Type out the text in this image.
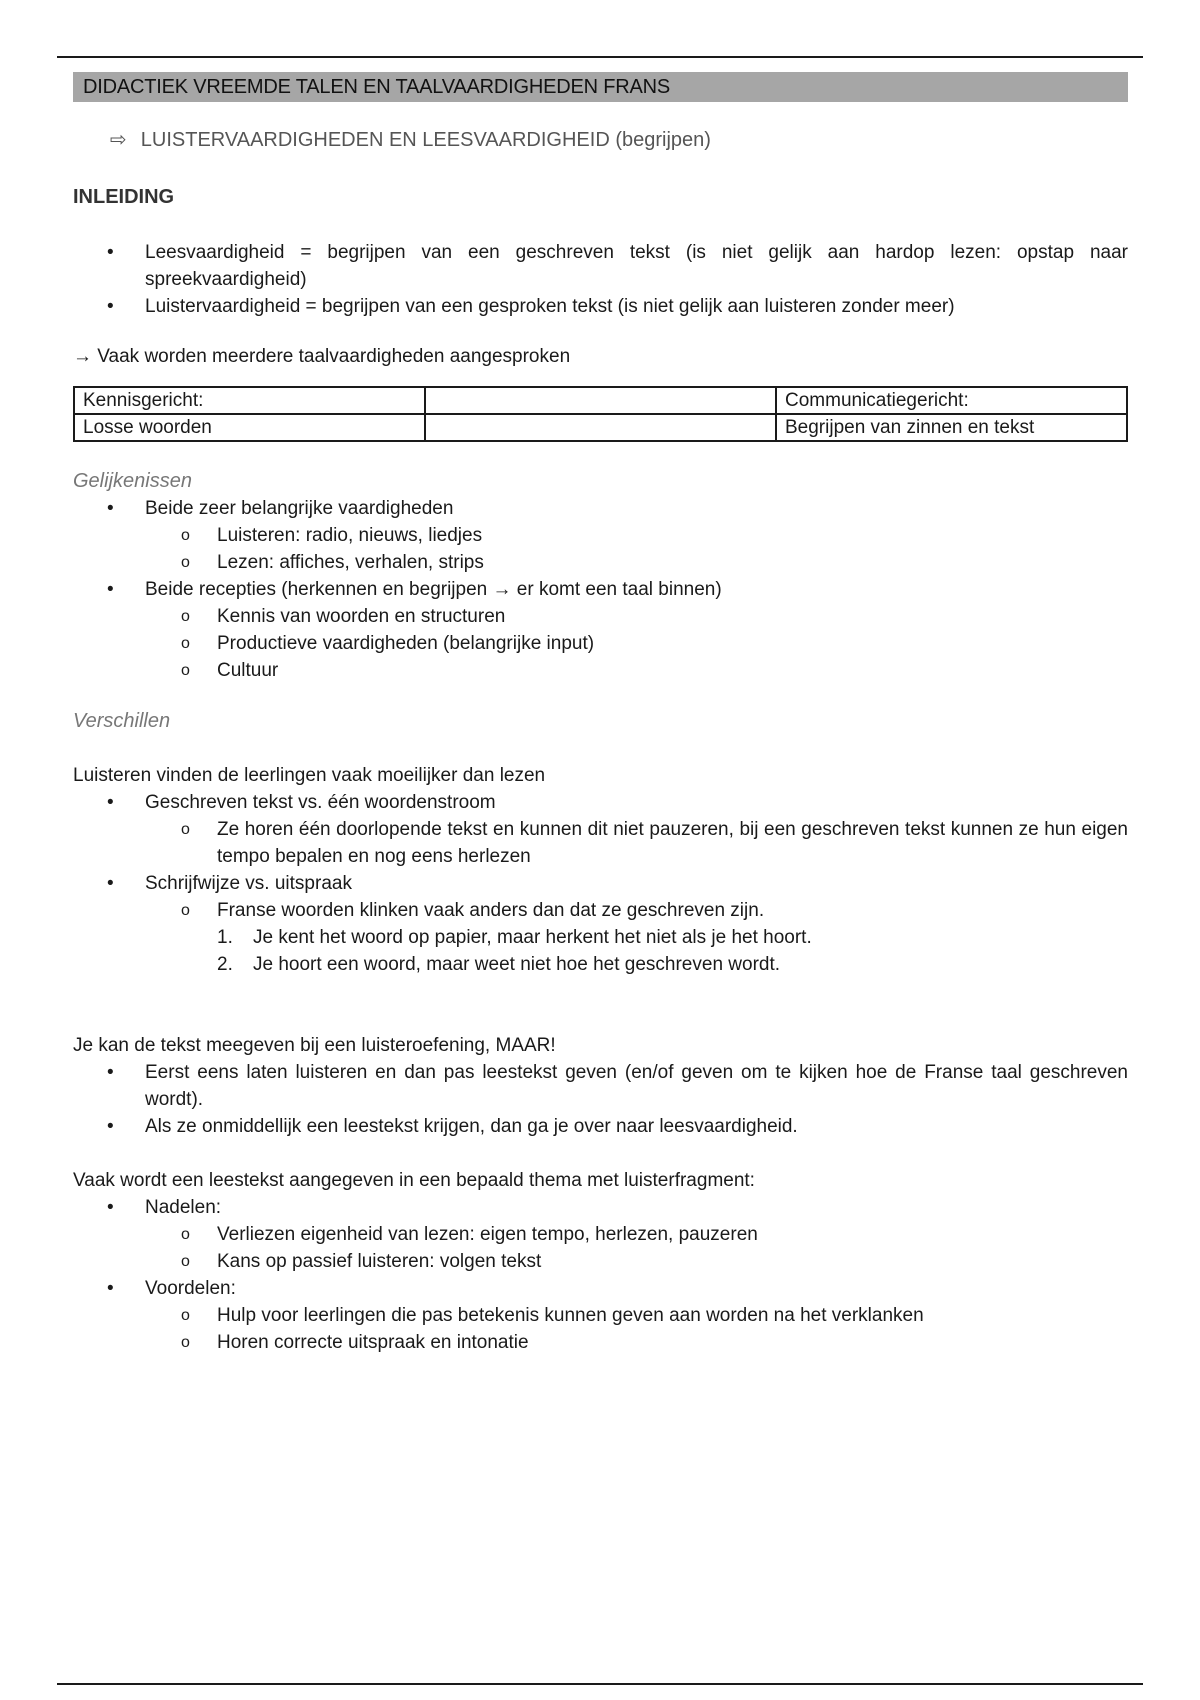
DIDACTIEK VREEMDE TALEN EN TAALVAARDIGHEDEN FRANS
⇨ LUISTERVAARDIGHEDEN EN LEESVAARDIGHEID (begrijpen)
INLEIDING
• Leesvaardigheid = begrijpen van een geschreven tekst (is niet gelijk aan hardop lezen: opstap naar spreekvaardigheid)
• Luistervaardigheid = begrijpen van een gesproken tekst (is niet gelijk aan luisteren zonder meer)
→ Vaak worden meerdere taalvaardigheden aangesproken
Kennisgericht:		Communicatiegericht:
Losse woorden		Begrijpen van zinnen en tekst
Gelijkenissen
• Beide zeer belangrijke vaardigheden
o Luisteren: radio, nieuws, liedjes
o Lezen: affiches, verhalen, strips
• Beide recepties (herkennen en begrijpen → er komt een taal binnen)
o Kennis van woorden en structuren
o Productieve vaardigheden (belangrijke input)
o Cultuur
Verschillen
Luisteren vinden de leerlingen vaak moeilijker dan lezen
• Geschreven tekst vs. één woordenstroom
o Ze horen één doorlopende tekst en kunnen dit niet pauzeren, bij een geschreven tekst kunnen ze hun eigen tempo bepalen en nog eens herlezen
• Schrijfwijze vs. uitspraak
o Franse woorden klinken vaak anders dan dat ze geschreven zijn.
1. Je kent het woord op papier, maar herkent het niet als je het hoort.
2. Je hoort een woord, maar weet niet hoe het geschreven wordt.
Je kan de tekst meegeven bij een luisteroefening, MAAR!
• Eerst eens laten luisteren en dan pas leestekst geven (en/of geven om te kijken hoe de Franse taal geschreven wordt).
• Als ze onmiddellijk een leestekst krijgen, dan ga je over naar leesvaardigheid.
Vaak wordt een leestekst aangegeven in een bepaald thema met luisterfragment:
• Nadelen:
o Verliezen eigenheid van lezen: eigen tempo, herlezen, pauzeren
o Kans op passief luisteren: volgen tekst
• Voordelen:
o Hulp voor leerlingen die pas betekenis kunnen geven aan worden na het verklanken
o Horen correcte uitspraak en intonatie
